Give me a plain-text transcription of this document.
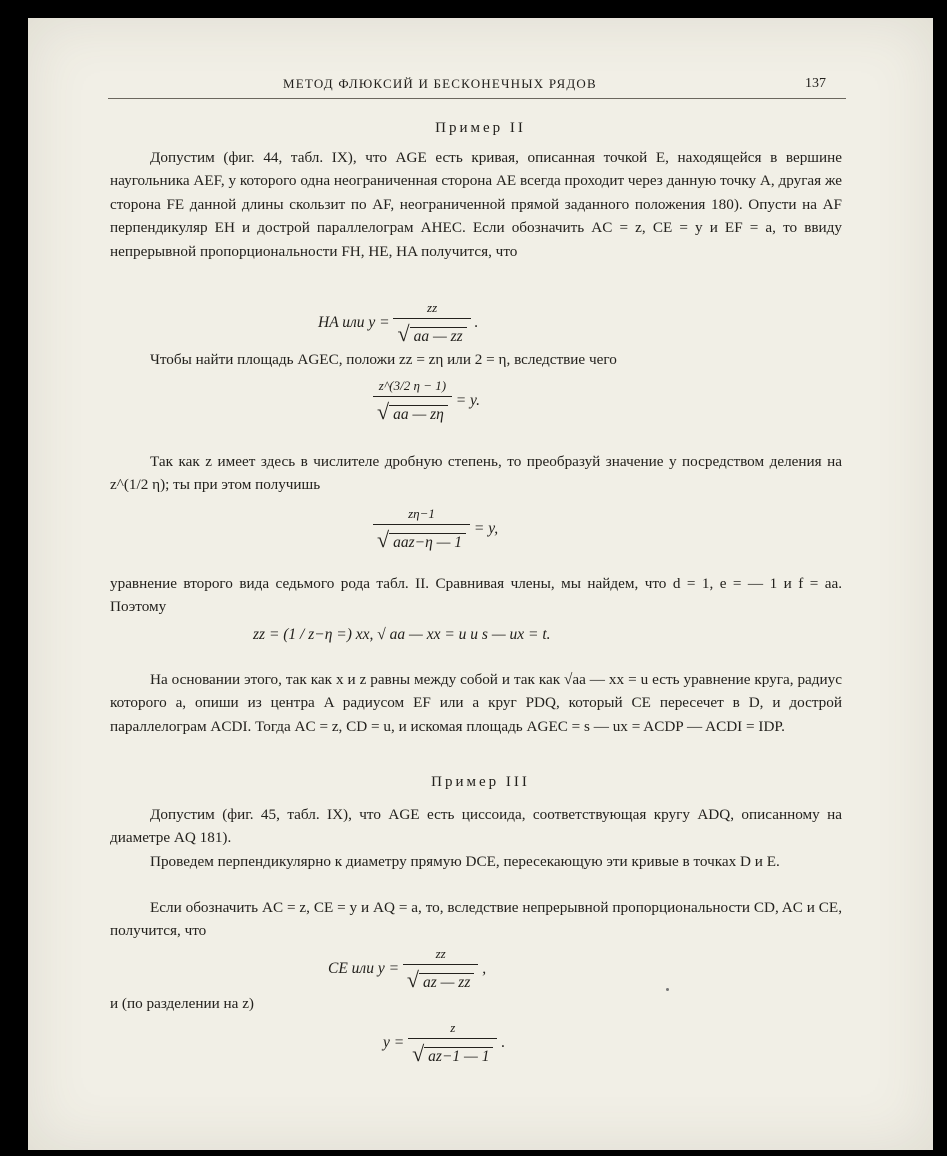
МЕТОД ФЛЮКСИЙ И БЕСКОНЕЧНЫХ РЯДОВ	137
Пример II

Допустим (фиг. 44, табл. IX), что AGE есть кривая, описанная точкой E, находящейся в вершине наугольника AEF, у которого одна неограниченная сторона AE всегда проходит через данную точку A, другая же сторона FE данной длины скользит по AF, неограниченной прямой заданного положения 180). Опусти на AF перпендикуляр EH и дострой параллелограм AHEC. Если обозначить AC = z, CE = y и EF = a, то ввиду непрерывной пропорциональности FH, HE, HA получится, что

HA или $y = \frac{zz}{√ aa — zz}$ .

Чтобы найти площадь AGEC, положи zz = zη или 2 = η, вследствие чего

$\frac{z\^{}(3/2 \eta - 1)}{√ aa — z\eta} = y$.

Так как z имеет здесь в числителе дробную степень, то преобразуй значение y посредством деления на z^(1/2 η); ты при этом получишь

$\frac{z\eta-1}{\text{√ aaz−η — 1}} = y$,

уравнение второго вида седьмого рода табл. II. Сравнивая члены, мы найдем, что d = 1, e = — 1 и f = aa. Поэтому

zz = (1 / z−η =) xx, √ aa — xx = u и s — ux = t.

На основании этого, так как x и z равны между собой и так как √aa — xx = u есть уравнение круга, радиус которого a, опиши из центра A радиусом EF или a круг PDQ, который CE пересечет в D, и дострой параллелограм ACDI. Тогда AC = z, CD = u, и искомая площадь AGEC = s — ux = ACDP — ACDI = IDP.

Пример III

Допустим (фиг. 45, табл. IX), что AGE есть циссоида, соответствующая кругу ADQ, описанному на диаметре AQ 181).

Проведем перпендикулярно к диаметру прямую DCE, пересекающую эти кривые в точках D и E.

Если обозначить AC = z, CE = y и AQ = a, то, вследствие непрерывной пропорциональности CD, AC и CE, получится, что

CE или $y = \frac{zz}{√ az — zz}$ ,

и (по разделении на z)

$y = \frac{z}{√ az-1 — 1}$ .
